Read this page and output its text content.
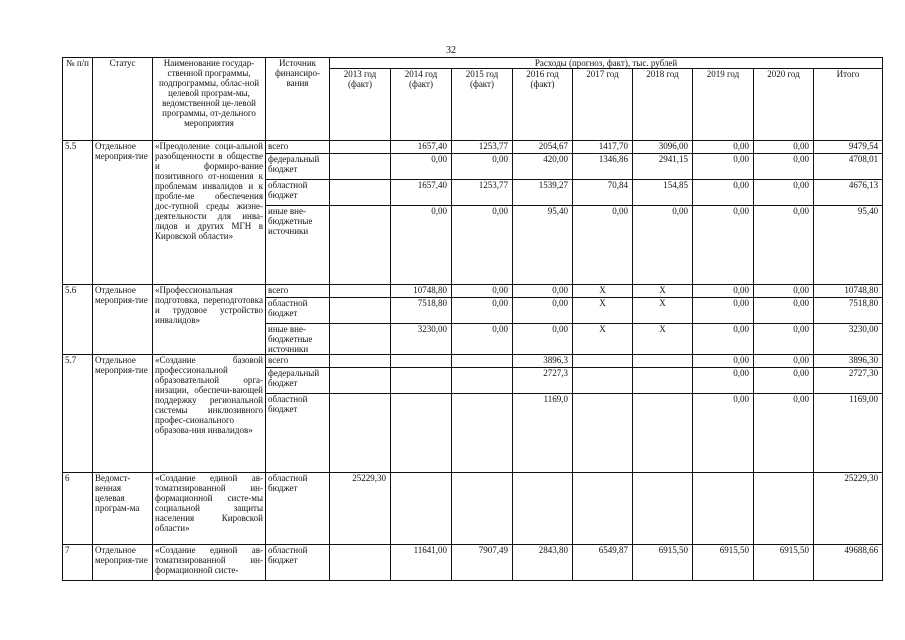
32
№ п/п	Статус	Наименование государ-ственной программы, подпрограммы, облас-ной целевой програм-мы, ведомственной це-левой программы, от-дельного мероприятия	Источник финансиро-вания	Расходы (прогноз, факт), тыс. рублей								
				2013 год (факт)	2014 год (факт)	2015 год (факт)	2016 год (факт)	2017 год	2018 год	2019 год	2020 год	Итого
5.5	Отдельное мероприя-тие	«Преодоление соци-альной разобщенности в обществе и формиро-вание позитивного от-ношения к проблемам инвалидов и к пробле-ме обеспечения дос-тупной среды жизне-деятельности для инва-лидов и других МГН в Кировской области»	всего		1657,40	1253,77	2054,67	1417,70	3096,00	0,00	0,00	9479,54
			федеральный бюджет		0,00	0,00	420,00	1346,86	2941,15	0,00	0,00	4708,01
			областной бюджет		1657,40	1253,77	1539,27	70,84	154,85	0,00	0,00	4676,13
			иные вне-бюджетные источники		0,00	0,00	95,40	0,00	0,00	0,00	0,00	95,40
5.6	Отдельное мероприя-тие	«Профессиональная подготовка, переподготовка и трудовое устройство инвалидов»	всего		10748,80	0,00	0,00	X	X	0,00	0,00	10748,80
			областной бюджет		7518,80	0,00	0,00	X	X	0,00	0,00	7518,80
			иные вне-бюджетные источники		3230,00	0,00	0,00	X	X	0,00	0,00	3230,00
5.7	Отдельное мероприя-тие	«Создание базовой профессиональной образовательной орга-низации, обеспечи-вающей поддержку региональной системы инклюзивного профес-сионального образова-ния инвалидов»	всего				3896,3			0,00	0,00	3896,30
			федеральный бюджет				2727,3			0,00	0,00	2727,30
			областной бюджет				1169,0			0,00	0,00	1169,00
6	Ведомст-венная целевая програм-ма	«Создание единой ав-томатизированной ин-формационной систе-мы социальной защиты населения Кировской области»	областной бюджет	25229,30								25229,30
7	Отдельное мероприя-тие	«Создание единой ав-томатизированной ин-формационной систе-	областной бюджет		11641,00	7907,49	2843,80	6549,87	6915,50	6915,50	6915,50	49688,66
